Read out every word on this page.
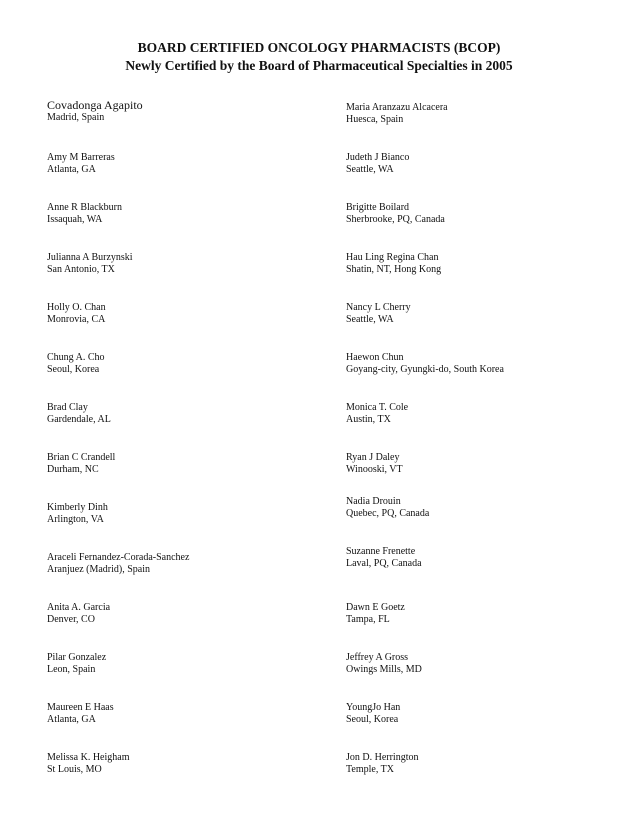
BOARD CERTIFIED ONCOLOGY PHARMACISTS (BCOP)
Newly Certified by the Board of Pharmaceutical Specialties in 2005
Covadonga Agapito
Madrid, Spain
Amy M Barreras
Atlanta, GA
Anne R Blackburn
Issaquah, WA
Julianna A Burzynski
San Antonio, TX
Holly O. Chan
Monrovia, CA
Chung A. Cho
Seoul, Korea
Brad Clay
Gardendale, AL
Brian C Crandell
Durham, NC
Kimberly Dinh
Arlington, VA
Araceli Fernandez-Corada-Sanchez
Aranjuez (Madrid), Spain
Anita A. Garcia
Denver, CO
Pilar Gonzalez
Leon, Spain
Maureen E Haas
Atlanta, GA
Melissa K. Heigham
St Louis, MO
Maria Aranzazu Alcacera
Huesca, Spain
Judeth J Bianco
Seattle, WA
Brigitte Boilard
Sherbrooke, PQ, Canada
Hau Ling Regina Chan
Shatin, NT, Hong Kong
Nancy L Cherry
Seattle, WA
Haewon Chun
Goyang-city, Gyungki-do, South Korea
Monica T. Cole
Austin, TX
Ryan J Daley
Winooski, VT
Nadia Drouin
Quebec, PQ, Canada
Suzanne Frenette
Laval, PQ, Canada
Dawn E Goetz
Tampa, FL
Jeffrey A Gross
Owings Mills, MD
YoungJo Han
Seoul, Korea
Jon D. Herrington
Temple, TX
